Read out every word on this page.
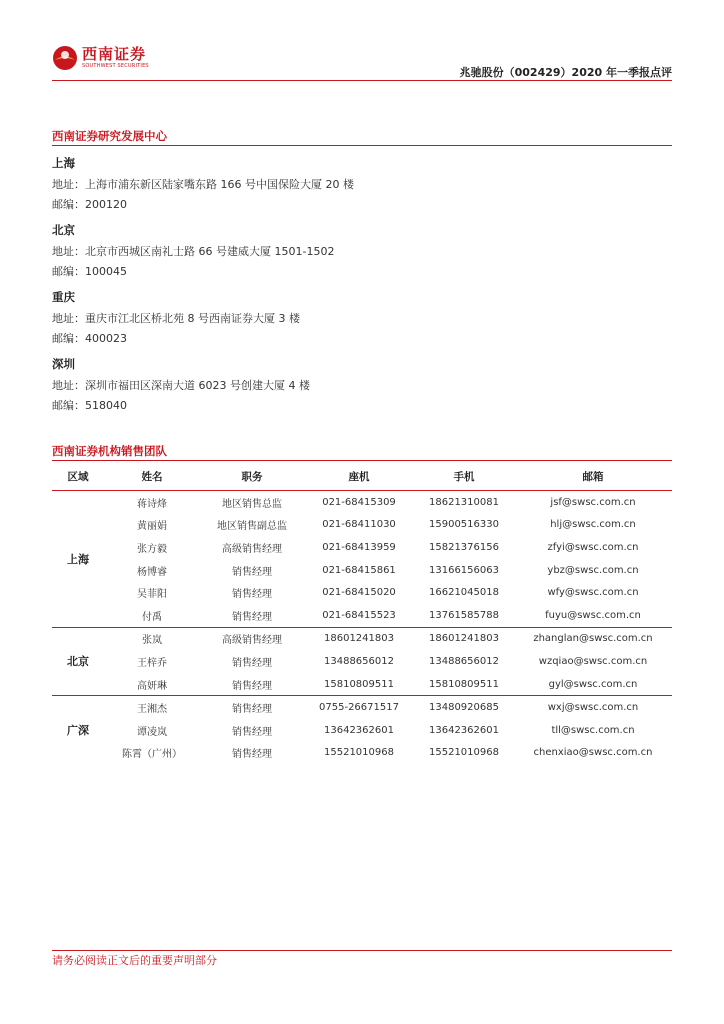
西南证券
SOUTHWEST SECURITIES	兆驰股份（002429）2020 年一季报点评
西南证券研究发展中心
上海
地址：上海市浦东新区陆家嘴东路 166 号中国保险大厦 20 楼
邮编：200120
北京
地址：北京市西城区南礼士路 66 号建威大厦 1501-1502
邮编：100045
重庆
地址：重庆市江北区桥北苑 8 号西南证券大厦 3 楼
邮编：400023
深圳
地址：深圳市福田区深南大道 6023 号创建大厦 4 楼
邮编：518040
西南证券机构销售团队
区域	姓名	职务	座机	手机	邮箱
上海	蒋诗烽	地区销售总监	021-68415309	18621310081	jsf@swsc.com.cn
	黄丽娟	地区销售副总监	021-68411030	15900516330	hlj@swsc.com.cn
	张方毅	高级销售经理	021-68413959	15821376156	zfyi@swsc.com.cn
	杨博睿	销售经理	021-68415861	13166156063	ybz@swsc.com.cn
	吴菲阳	销售经理	021-68415020	16621045018	wfy@swsc.com.cn
	付禹	销售经理	021-68415523	13761585788	fuyu@swsc.com.cn
北京	张岚	高级销售经理	18601241803	18601241803	zhanglan@swsc.com.cn
	王梓乔	销售经理	13488656012	13488656012	wzqiao@swsc.com.cn
	高妍琳	销售经理	15810809511	15810809511	gyl@swsc.com.cn
广深	王湘杰	销售经理	0755-26671517	13480920685	wxj@swsc.com.cn
	谭凌岚	销售经理	13642362601	13642362601	tll@swsc.com.cn
	陈霄（广州）	销售经理	15521010968	15521010968	chenxiao@swsc.com.cn
请务必阅读正文后的重要声明部分
